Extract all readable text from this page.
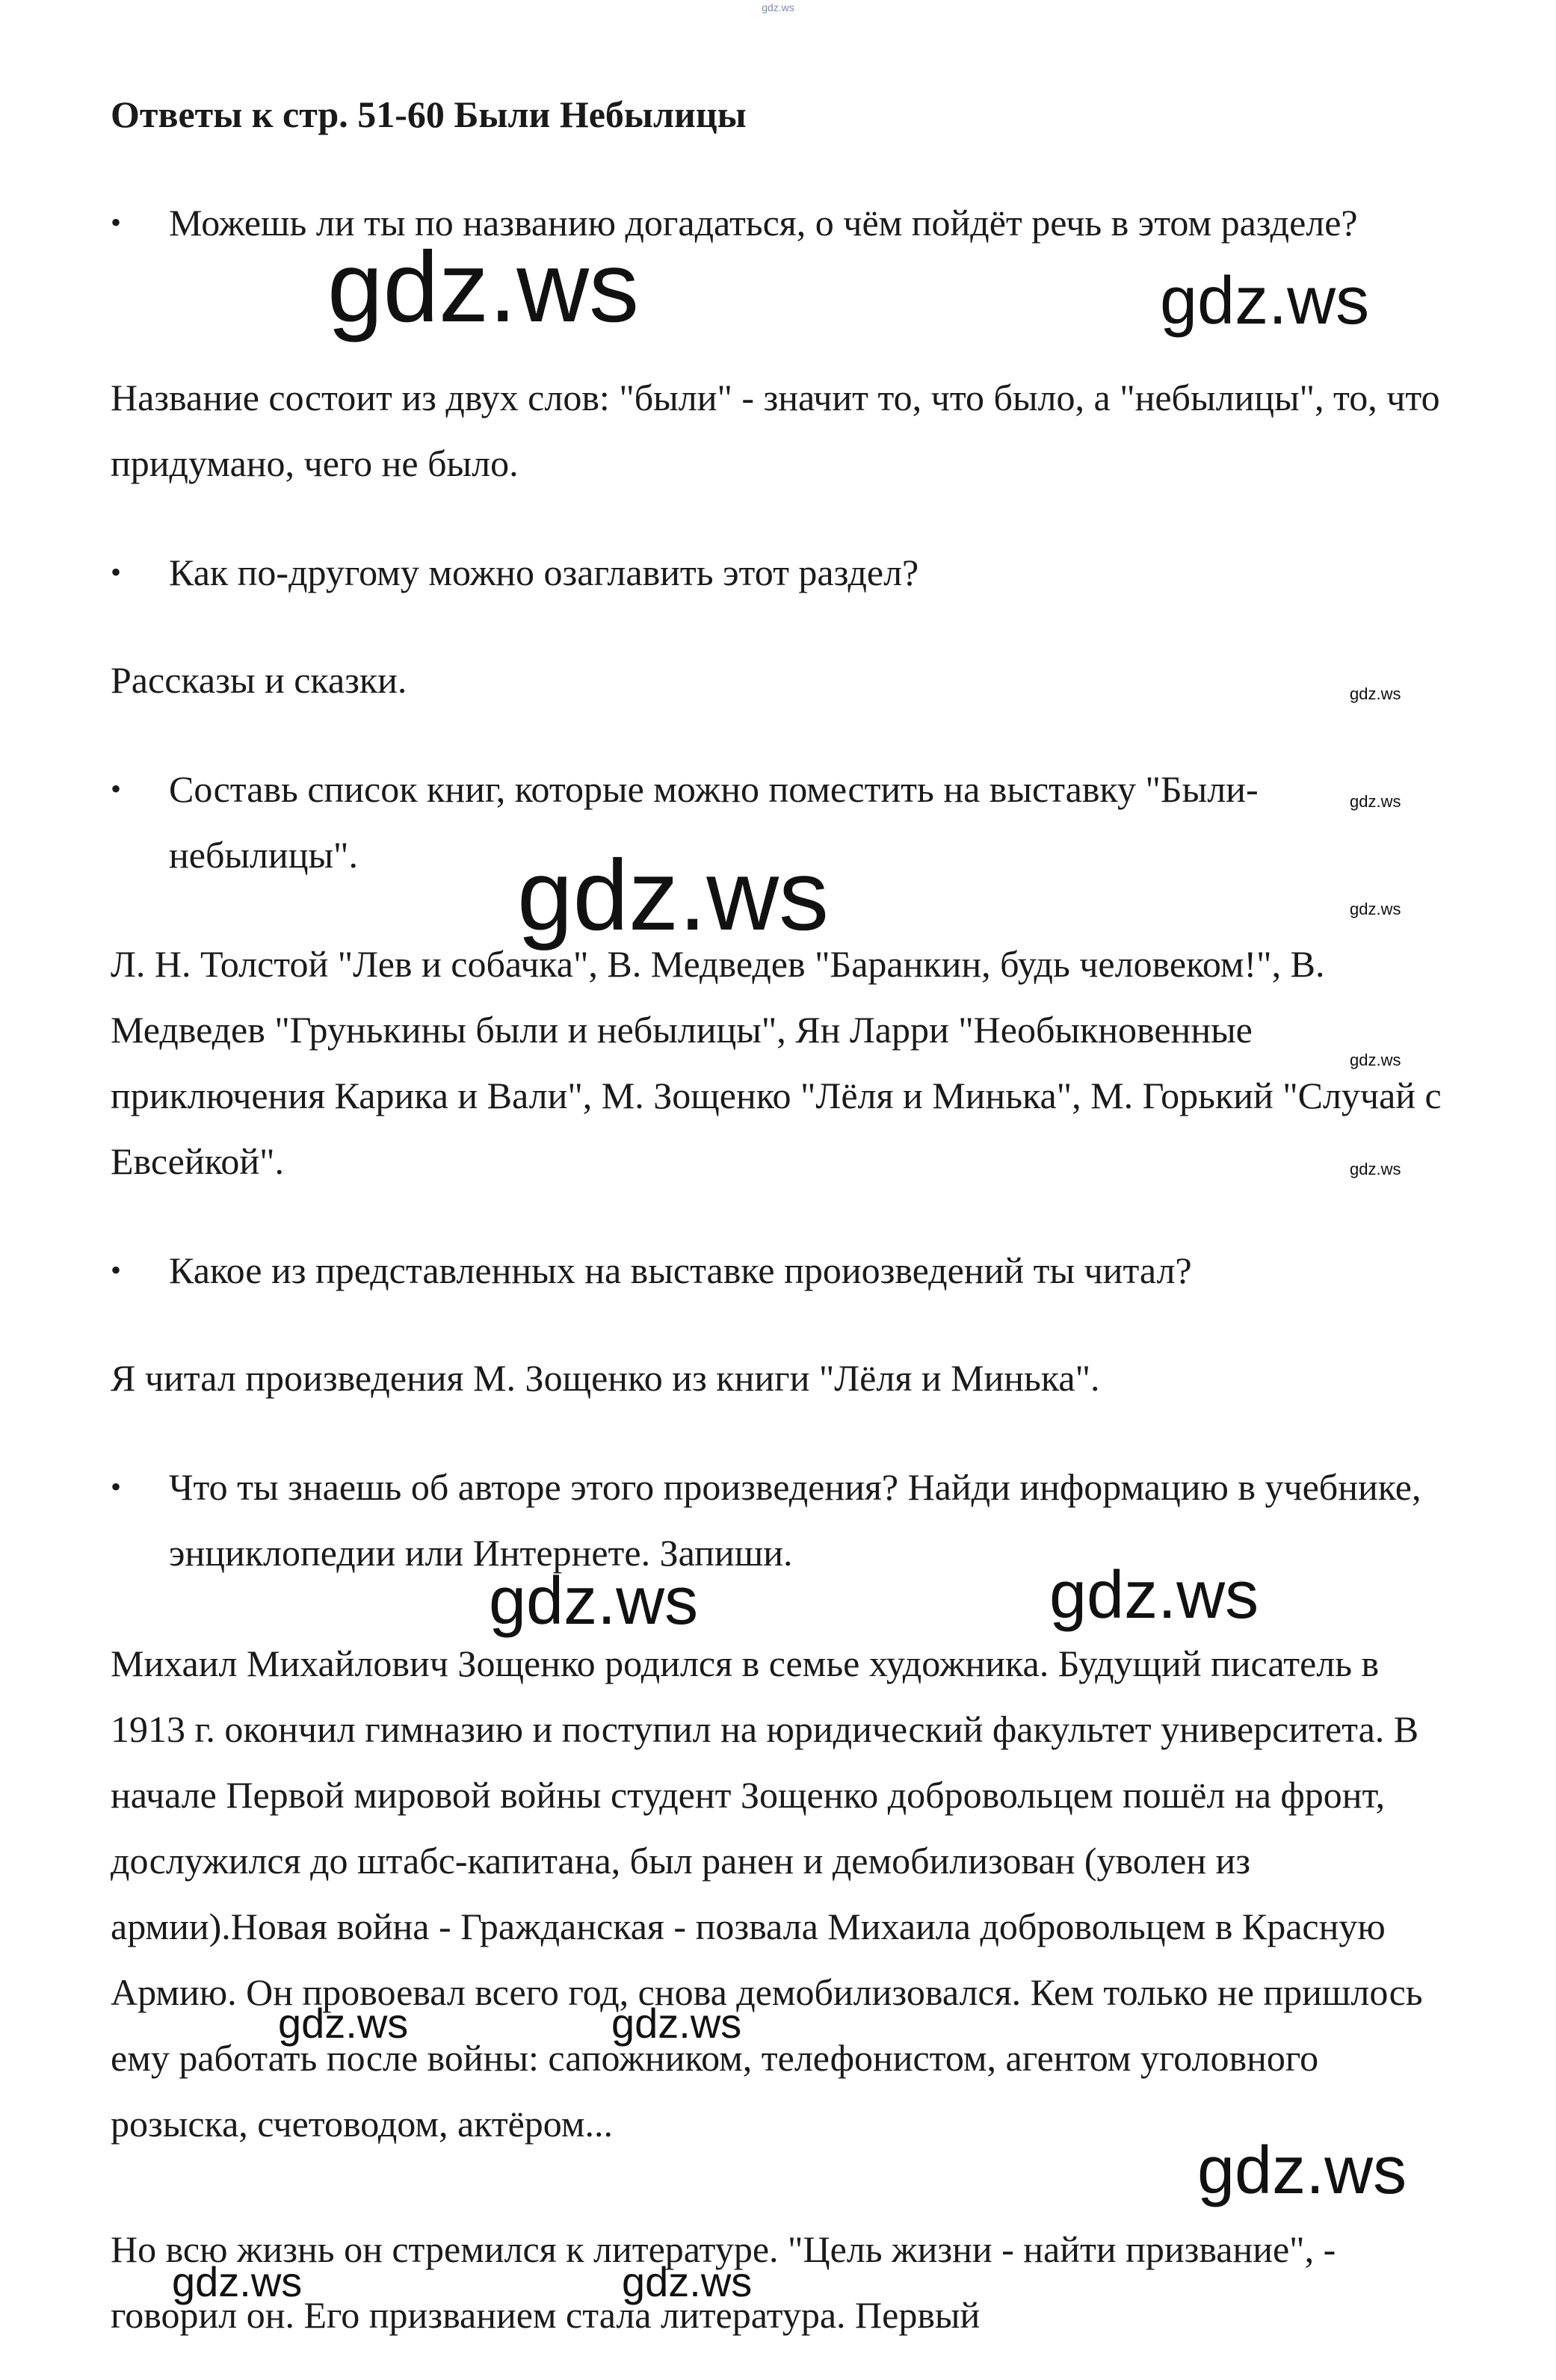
gdz.ws
Ответы к стр. 51-60 Были Небылицы
•	Можешь ли ты по названию догадаться, о чём пойдёт речь в этом разделе?

Название состоит из двух слов: "были" - значит то, что было, а "небылицы", то, что придумано, чего не было.

•	Как по-другому можно озаглавить этот раздел?

Рассказы и сказки.

•	Составь список книг, которые можно поместить на выставку "Были-небылицы".

Л. Н. Толстой "Лев и собачка", В. Медведев "Баранкин, будь человеком!", В. Медведев "Грунькины были и небылицы", Ян Ларри "Необыкновенные приключения Карика и Вали", М. Зощенко "Лёля и Минька", М. Горький "Случай с Евсейкой".

•	Какое из представленных на выставке проиозведений ты читал?

Я читал произведения М. Зощенко из книги "Лёля и Минька".

•	Что ты знаешь об авторе этого произведения? Найди информацию в учебнике, энциклопедии или Интернете. Запиши.

Михаил Михайлович Зощенко родился в семье художника. Будущий писатель в 1913 г. окончил гимназию и поступил на юридический факультет университета. В начале Первой мировой войны студент Зощенко добровольцем пошёл на фронт, дослужился до штабс-капитана, был ранен и демобилизован (уволен из армии).Новая война - Гражданская - позвала Михаила добровольцем в Красную Армию. Он провоевал всего год, снова демобилизовался. Кем только не пришлось ему работать после войны: сапожником, телефонистом, агентом уголовного розыска, счетоводом, актёром...

Но всю жизнь он стремился к литературе. "Цель жизни - найти призвание", - говорил он. Его призванием стала литература. Первый

gdz.ws	gdz.ws
gdz.ws
gdz.ws
gdz.ws	gdz.ws
gdz.ws
gdz.ws
gdz.ws	gdz.ws
gdz.ws	gdz.ws
gdz.ws
gdz.ws	gdz.ws
